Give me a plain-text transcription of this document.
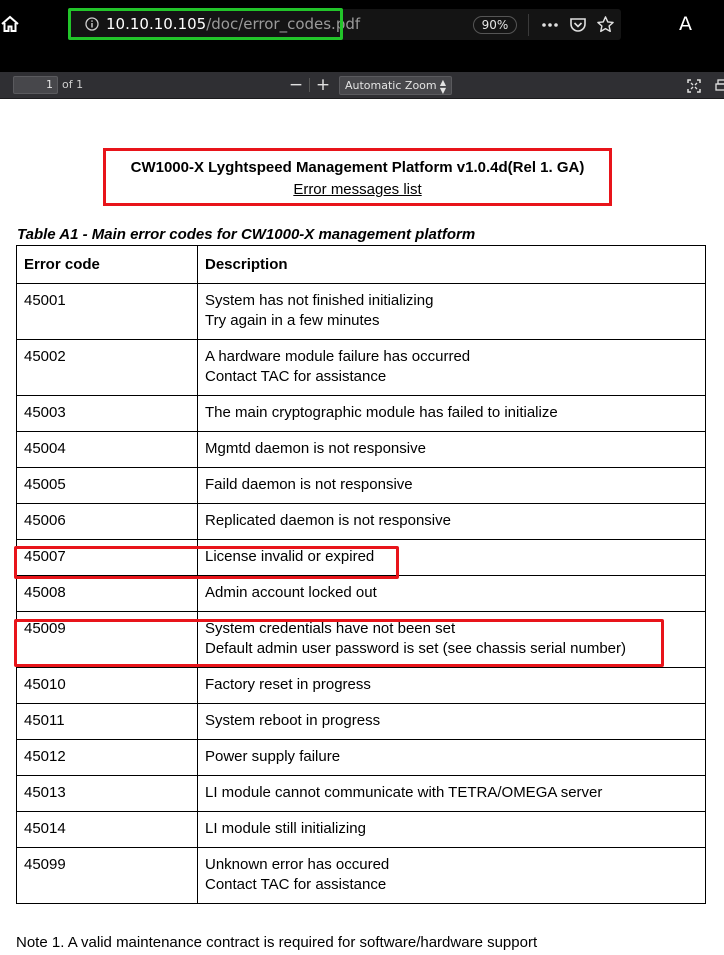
10.10.10.105/doc/error_codes.pdf	90%	A
1 of 1	− +	Automatic Zoom ▲
▼
CW1000-X Lyghtspeed Management Platform v1.0.4d(Rel 1. GA)
Error messages list
Table A1 - Main error codes for CW1000-X management platform
Error code	Description
45001	System has not finished initializing
Try again in a few minutes
45002	A hardware module failure has occurred
Contact TAC for assistance
45003	The main cryptographic module has failed to initialize
45004	Mgmtd daemon is not responsive
45005	Faild daemon is not responsive
45006	Replicated daemon is not responsive
45007	License invalid or expired
45008	Admin account locked out
45009	System credentials have not been set
Default admin user password is set (see chassis serial number)
45010	Factory reset in progress
45011	System reboot in progress
45012	Power supply failure
45013	LI module cannot communicate with TETRA/OMEGA server
45014	LI module still initializing
45099	Unknown error has occured
Contact TAC for assistance
Note 1. A valid maintenance contract is required for software/hardware support
